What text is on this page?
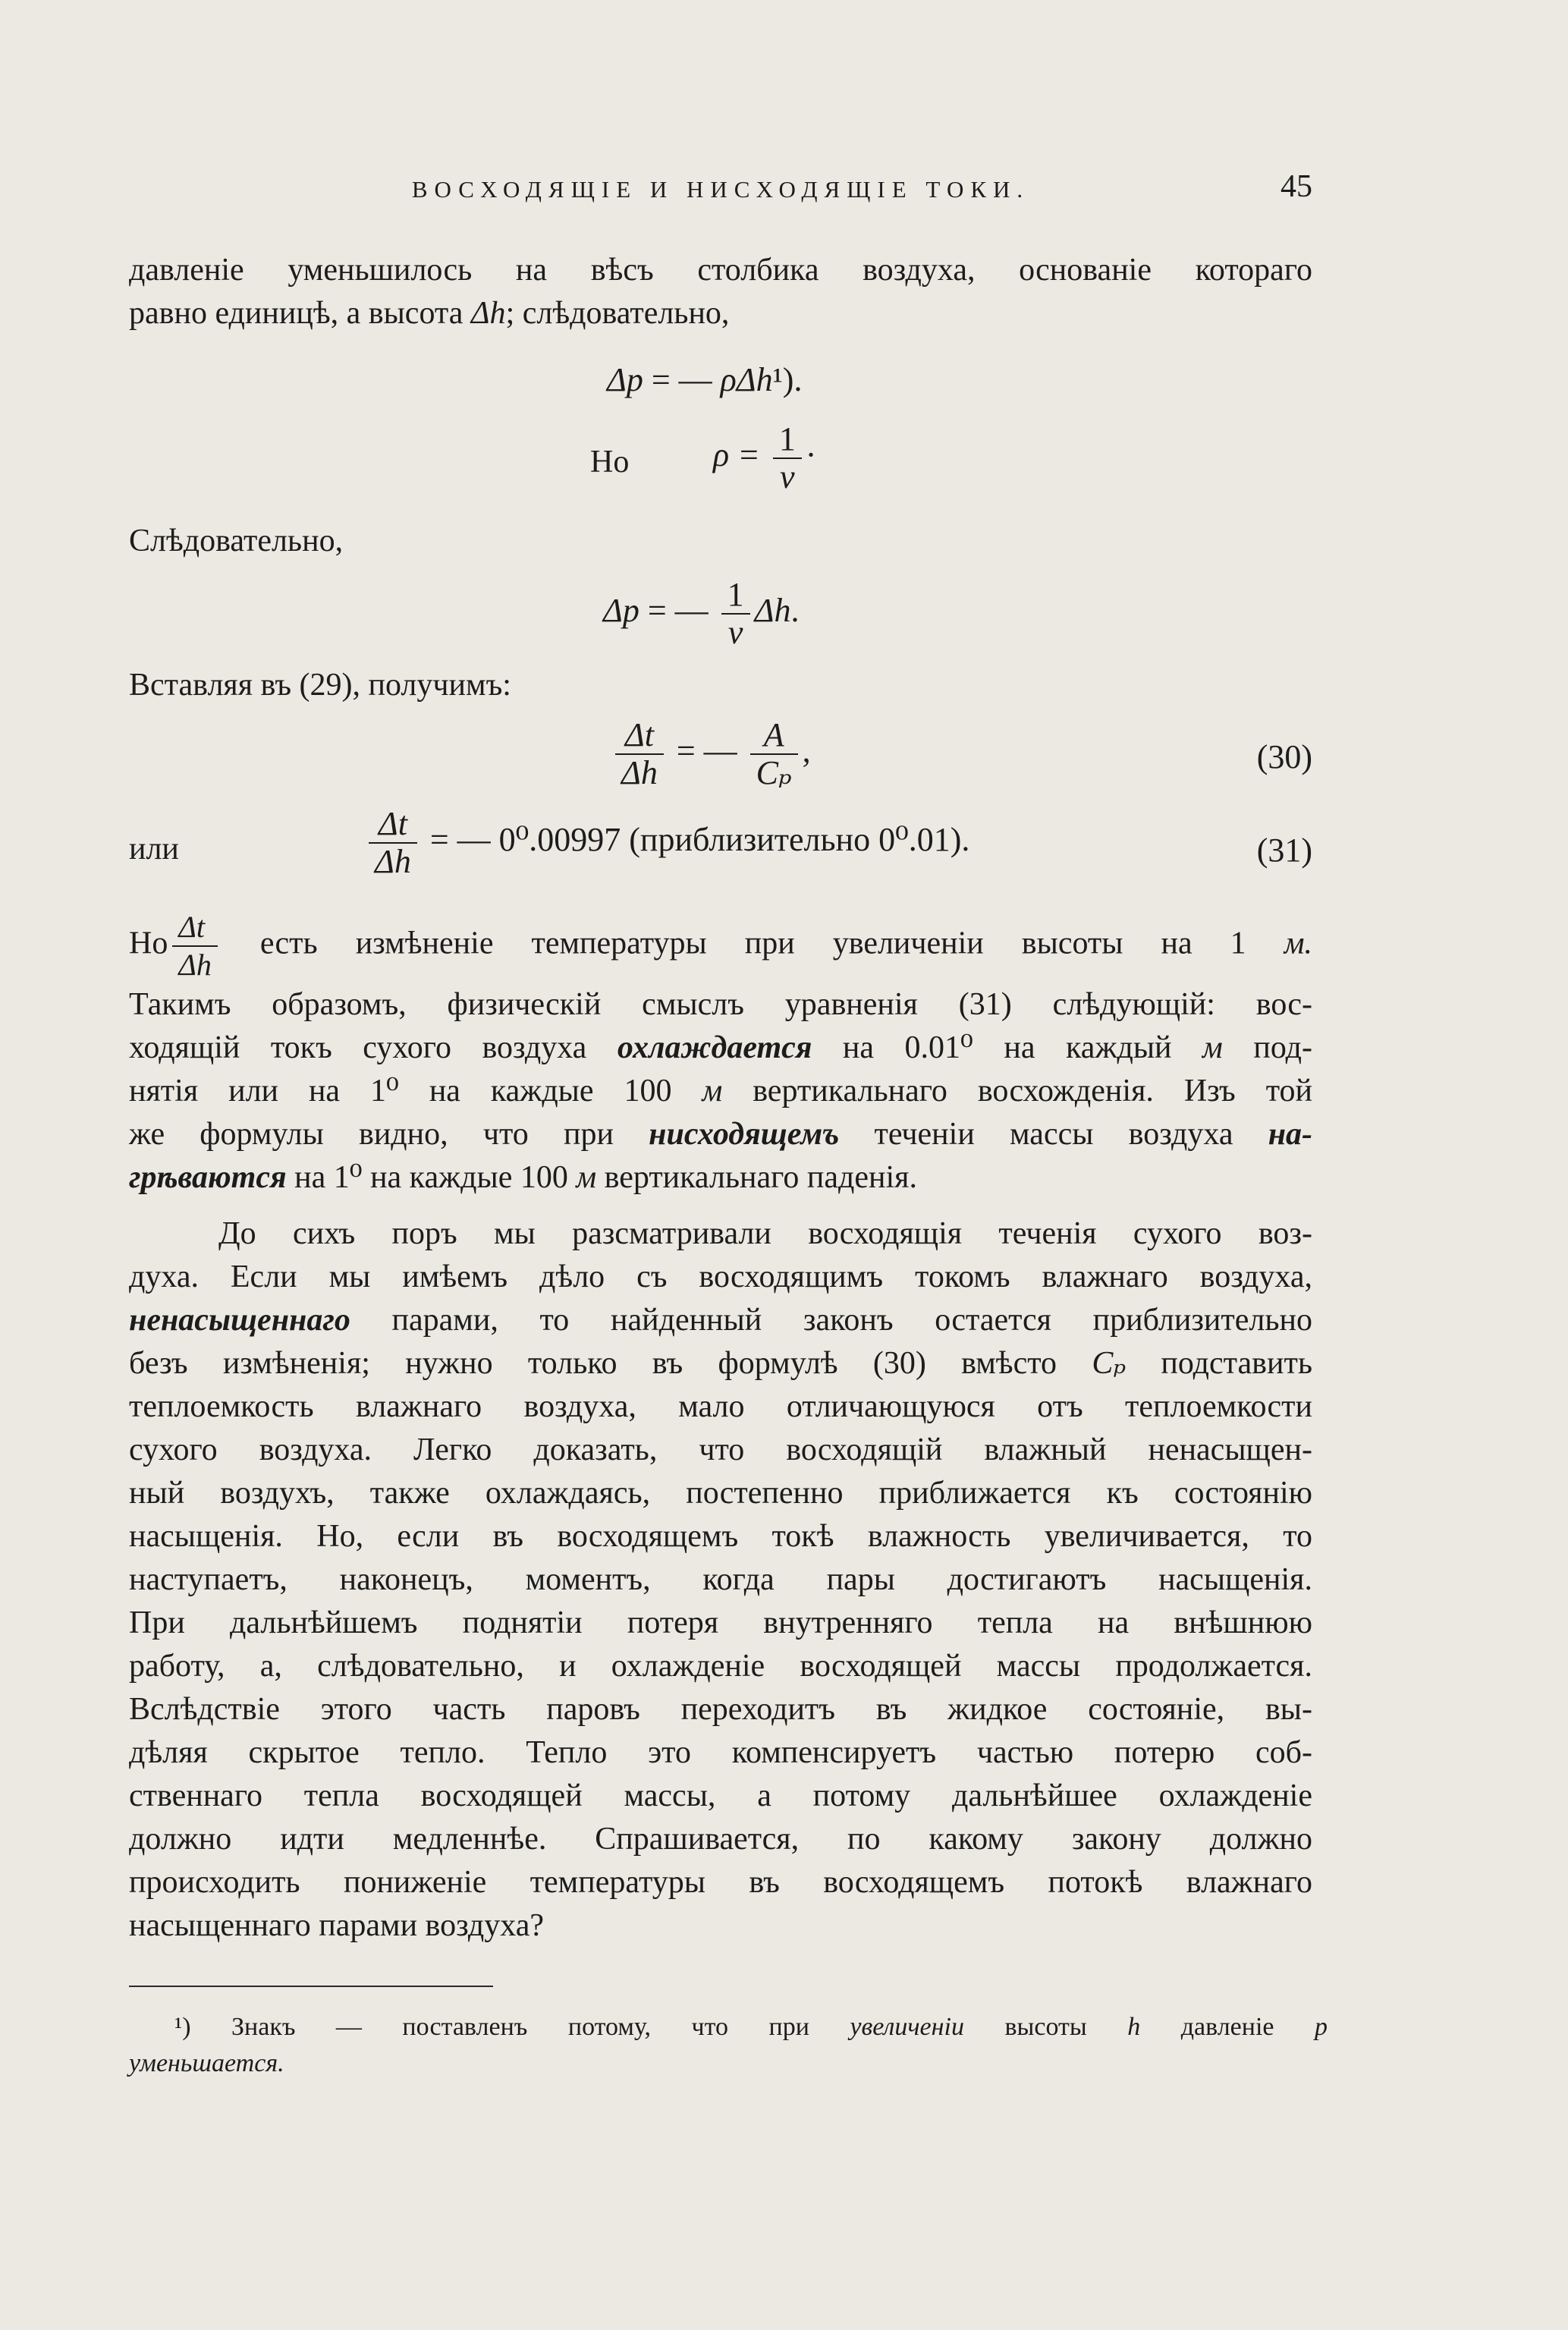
ВОСХОДЯЩIЕ И НИСХОДЯЩIЕ ТОКИ.	45
давленіе уменьшилось на вѣсъ столбика воздуха, основаніе котораго
равно единицѣ, а высота Δh; слѣдовательно,
Δp = — ρΔh¹).
Но	$\rho = \frac{1}{v}$ ·
Слѣдовательно,
Δp = — $\frac{1}{v} \Delta h$.
Вставляя въ (29), получимъ:
$\frac{\Delta t}{\Delta h}$ = — $\frac{A}{\text{Cₚ}}$ ,	(30)
или	$\frac{\Delta t}{\Delta h}$ = — 0⁰.00997 (приблизительно 0⁰.01).	(31)
Но $\frac{\Delta t}{\Delta h}$ есть измѣненіе температуры при увеличеніи высоты на 1 м.
Такимъ образомъ, физическій смыслъ уравненія (31) слѣдующій: вос-
ходящій токъ сухого воздуха охлаждается на 0.01⁰ на каждый м под-
нятія или на 1⁰ на каждые 100 м вертикальнаго восхожденія. Изъ той
же формулы видно, что при нисходящемъ теченіи массы воздуха на-
грѣваются на 1⁰ на каждые 100 м вертикальнаго паденія.
До сихъ поръ мы разсматривали восходящія теченія сухого воз-
духа. Если мы имѣемъ дѣло съ восходящимъ токомъ влажнаго воздуха,
ненасыщеннаго парами, то найденный законъ остается приблизительно
безъ измѣненія; нужно только въ формулѣ (30) вмѣсто Cₚ подставить
теплоемкость влажнаго воздуха, мало отличающуюся отъ теплоемкости
сухого воздуха. Легко доказать, что восходящій влажный ненасыщен-
ный воздухъ, также охлаждаясь, постепенно приближается къ состоянію
насыщенія. Но, если въ восходящемъ токѣ влажность увеличивается, то
наступаетъ, наконецъ, моментъ, когда пары достигаютъ насыщенія.
При дальнѣйшемъ поднятіи потеря внутренняго тепла на внѣшнюю
работу, а, слѣдовательно, и охлажденіе восходящей массы продолжается.
Вслѣдствіе этого часть паровъ переходитъ въ жидкое состояніе, вы-
дѣляя скрытое тепло. Тепло это компенсируетъ частью потерю соб-
ственнаго тепла восходящей массы, а потому дальнѣйшее охлажденіе
должно идти медленнѣе. Спрашивается, по какому закону должно
происходить пониженіе температуры въ восходящемъ потокѣ влажнаго
насыщеннаго парами воздуха?
¹) Знакъ — поставленъ потому, что при увеличеніи высоты h давленіе p
уменьшается.
